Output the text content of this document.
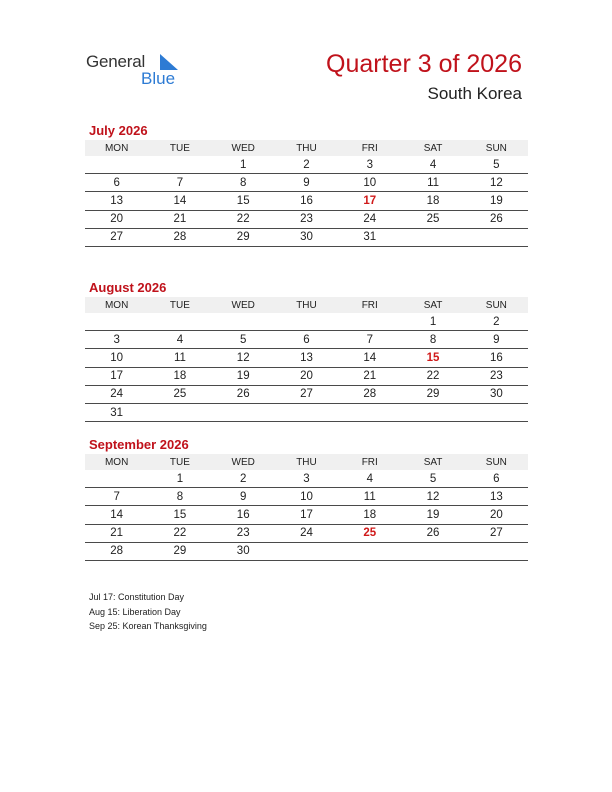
General
Blue
Quarter 3 of 2026
South Korea
July 2026
MON	TUE	WED	THU	FRI	SAT	SUN
		1	2	3	4	5
6	7	8	9	10	11	12
13	14	15	16	17	18	19
20	21	22	23	24	25	26
27	28	29	30	31		
August 2026
MON	TUE	WED	THU	FRI	SAT	SUN
					1	2
3	4	5	6	7	8	9
10	11	12	13	14	15	16
17	18	19	20	21	22	23
24	25	26	27	28	29	30
31						
September 2026
MON	TUE	WED	THU	FRI	SAT	SUN
	1	2	3	4	5	6
7	8	9	10	11	12	13
14	15	16	17	18	19	20
21	22	23	24	25	26	27
28	29	30				
Jul 17: Constitution Day
Aug 15: Liberation Day
Sep 25: Korean Thanksgiving
